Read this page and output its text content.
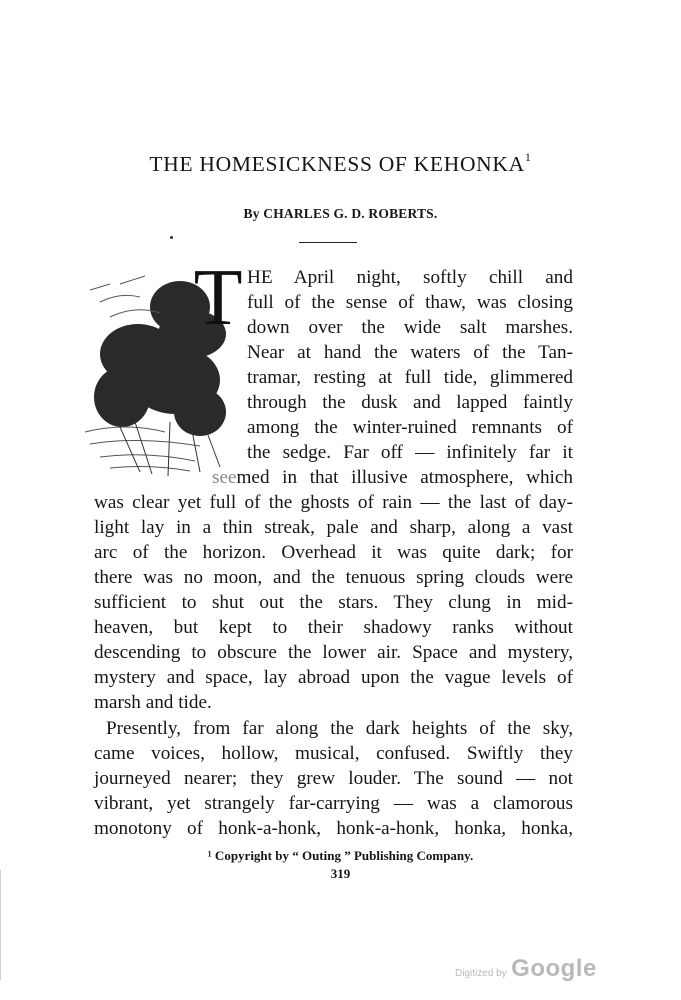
THE HOMESICKNESS OF KEHONKA$^1$
By CHARLES G. D. ROBERTS.
T HE April night, softly chill and
full of the sense of thaw, was closing
down over the wide salt marshes.
Near at hand the waters of the Tan-
tramar, resting at full tide, glimmered
through the dusk and lapped faintly
among the winter-ruined remnants of
the sedge. Far off — infinitely far it
seemed in that illusive atmosphere, which
was clear yet full of the ghosts of rain — the last of day-
light lay in a thin streak, pale and sharp, along a vast
arc of the horizon. Overhead it was quite dark; for
there was no moon, and the tenuous spring clouds were
sufficient to shut out the stars. They clung in mid-
heaven, but kept to their shadowy ranks without
descending to obscure the lower air. Space and mystery,
mystery and space, lay abroad upon the vague levels of
marsh and tide.
Presently, from far along the dark heights of the sky,
came voices, hollow, musical, confused. Swiftly they
journeyed nearer; they grew louder. The sound — not
vibrant, yet strangely far-carrying — was a clamorous
monotony of honk-a-honk, honk-a-honk, honka, honka,
¹ Copyright by “ Outing ” Publishing Company.
319
Digitized by Google
